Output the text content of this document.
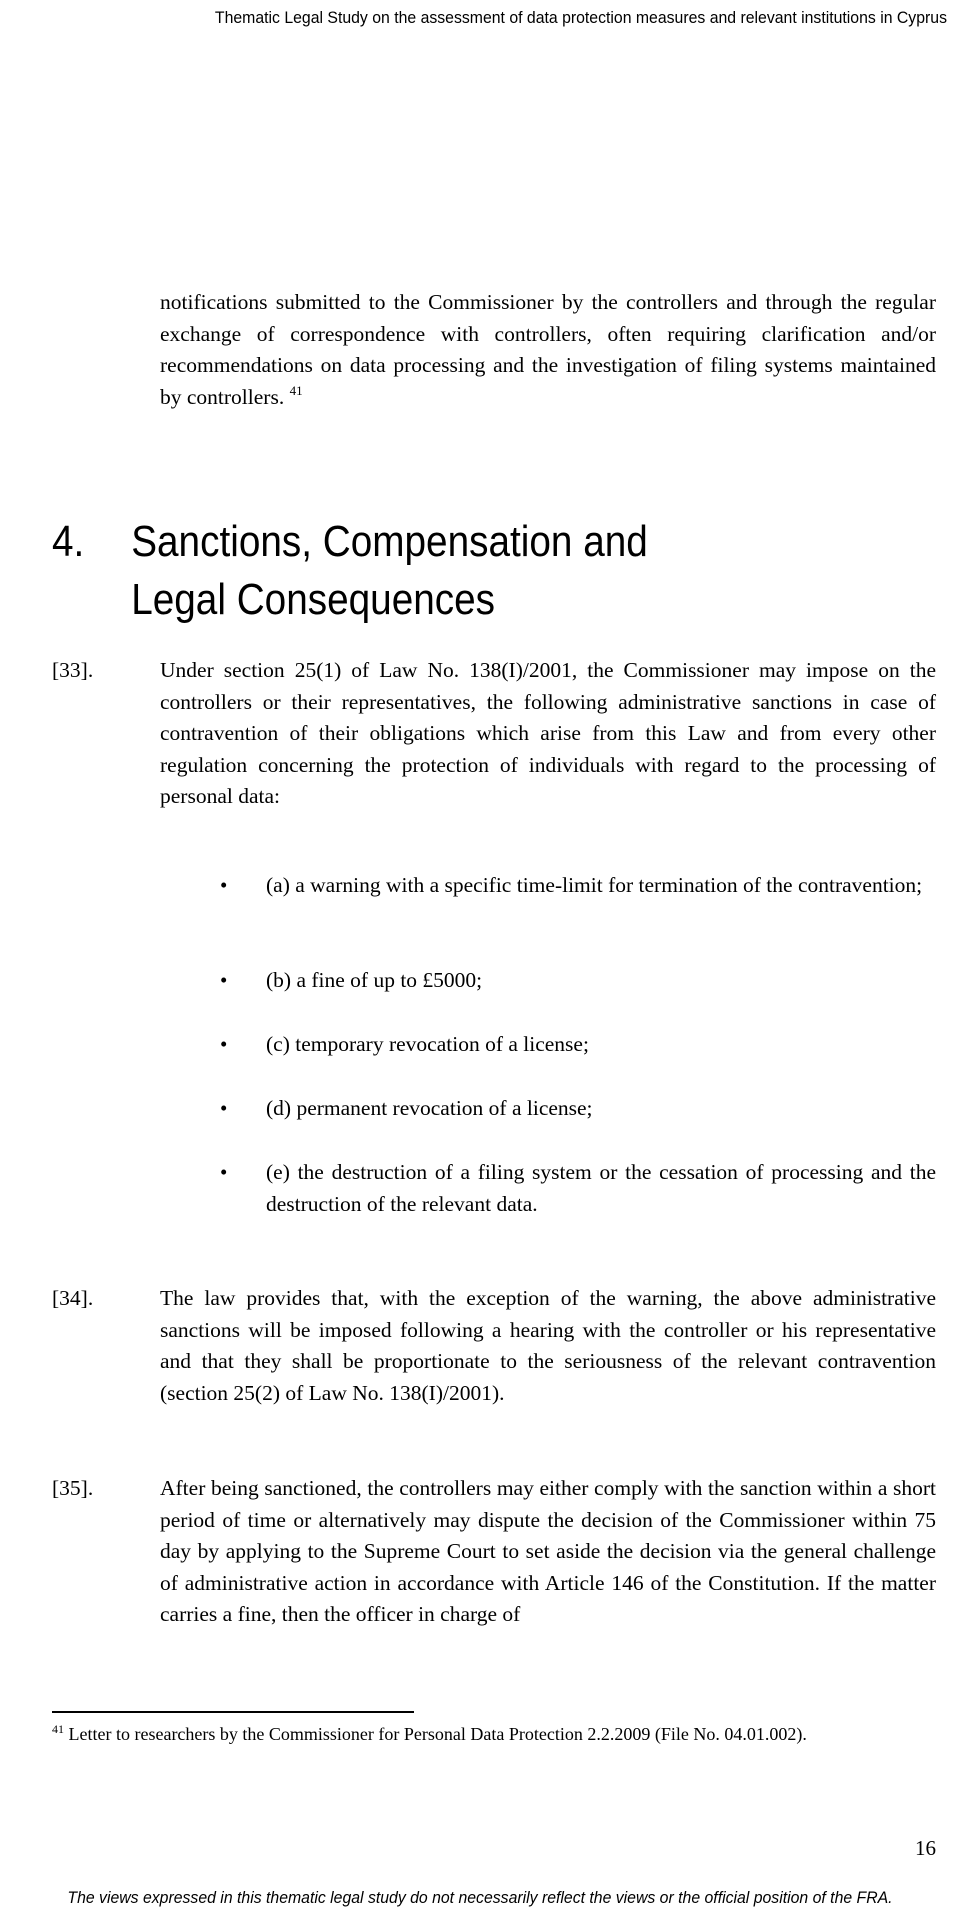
Thematic Legal Study on the assessment of data protection measures and relevant institutions in Cyprus
notifications submitted to the Commissioner by the controllers and through the regular exchange of correspondence with controllers, often requiring clarification and/or recommendations on data processing and the investigation of filing systems maintained by controllers. $^{41}$
4. Sanctions, Compensation and Legal Consequences
[33].	Under section 25(1) of Law No. 138(I)/2001, the Commissioner may impose on the controllers or their representatives, the following administrative sanctions in case of contravention of their obligations which arise from this Law and from every other regulation concerning the protection of individuals with regard to the processing of personal data:
• (a) a warning with a specific time-limit for termination of the contravention;
• (b) a fine of up to £5000;
• (c) temporary revocation of a license;
• (d) permanent revocation of a license;
• (e) the destruction of a filing system or the cessation of processing and the destruction of the relevant data.
[34].	The law provides that, with the exception of the warning, the above administrative sanctions will be imposed following a hearing with the controller or his representative and that they shall be proportionate to the seriousness of the relevant contravention (section 25(2) of Law No. 138(I)/2001).
[35].	After being sanctioned, the controllers may either comply with the sanction within a short period of time or alternatively may dispute the decision of the Commissioner within 75 day by applying to the Supreme Court to set aside the decision via the general challenge of administrative action in accordance with Article 146 of the Constitution. If the matter carries a fine, then the officer in charge of
$^{41}$ Letter to researchers by the Commissioner for Personal Data Protection 2.2.2009 (File No. 04.01.002).
16
The views expressed in this thematic legal study do not necessarily reflect the views or the official position of the FRA.
